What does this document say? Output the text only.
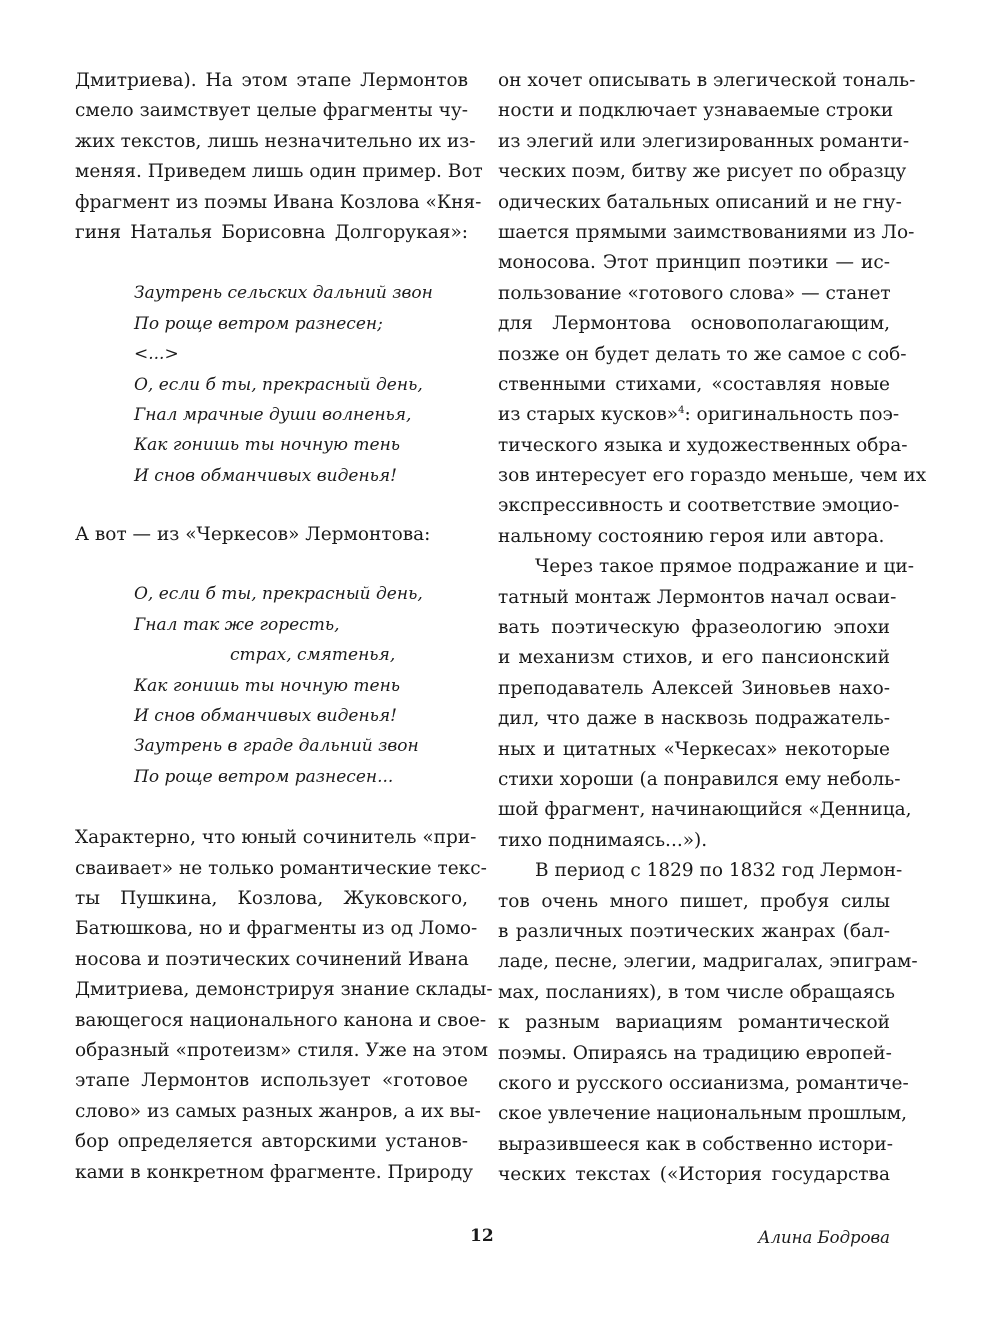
Дмитриева). На этом этапе Лермонтов
смело заимствует целые фрагменты чу-
жих текстов, лишь незначительно их из-
меняя. Приведем лишь один пример. Вот
фрагмент из поэмы Ивана Козлова «Кня-
гиня Наталья Борисовна Долгорукая»:
Заутрень сельских дальний звон
По роще ветром разнесен;
<...>
О, если б ты, прекрасный день,
Гнал мрачные души волненья,
Как гонишь ты ночную тень
И снов обманчивых виденья!
А вот — из «Черкесов» Лермонтова:
О, если б ты, прекрасный день,
Гнал так же горесть,
страх, смятенья,
Как гонишь ты ночную тень
И снов обманчивых виденья!
Заутрень в граде дальний звон
По роще ветром разнесен...
Характерно, что юный сочинитель «при-
сваивает» не только романтические текс-
ты Пушкина, Козлова, Жуковского,
Батюшкова, но и фрагменты из од Ломо-
носова и поэтических сочинений Ивана
Дмитриева, демонстрируя знание склады-
вающегося национального канона и свое-
образный «протеизм» стиля. Уже на этом
этапе Лермонтов использует «готовое
слово» из самых разных жанров, а их вы-
бор определяется авторскими установ-
ками в конкретном фрагменте. Природу
он хочет описывать в элегической тональ-
ности и подключает узнаваемые строки
из элегий или элегизированных романти-
ческих поэм, битву же рисует по образцу
одических батальных описаний и не гну-
шается прямыми заимствованиями из Ло-
моносова. Этот принцип поэтики — ис-
пользование «готового слова» — станет
для Лермонтова основополагающим,
позже он будет делать то же самое с соб-
ственными стихами, «составляя новые
из старых кусков»$^4$: оригинальность поэ-
тического языка и художественных обра-
зов интересует его гораздо меньше, чем их
экспрессивность и соответствие эмоцио-
нальному состоянию героя или автора.
Через такое прямое подражание и ци-
татный монтаж Лермонтов начал осваи-
вать поэтическую фразеологию эпохи
и механизм стихов, и его пансионский
преподаватель Алексей Зиновьев нахо-
дил, что даже в насквозь подражатель-
ных и цитатных «Черкесах» некоторые
стихи хороши (а понравился ему неболь-
шой фрагмент, начинающийся «Денница,
тихо поднимаясь...»).
В период с 1829 по 1832 год Лермон-
тов очень много пишет, пробуя силы
в различных поэтических жанрах (бал-
ладе, песне, элегии, мадригалах, эпиграм-
мах, посланиях), в том числе обращаясь
к разным вариациям романтической
поэмы. Опираясь на традицию европей-
ского и русского оссианизма, романтиче-
ское увлечение национальным прошлым,
выразившееся как в собственно истори-
ческих текстах («История государства
12	Алина Бодрова
